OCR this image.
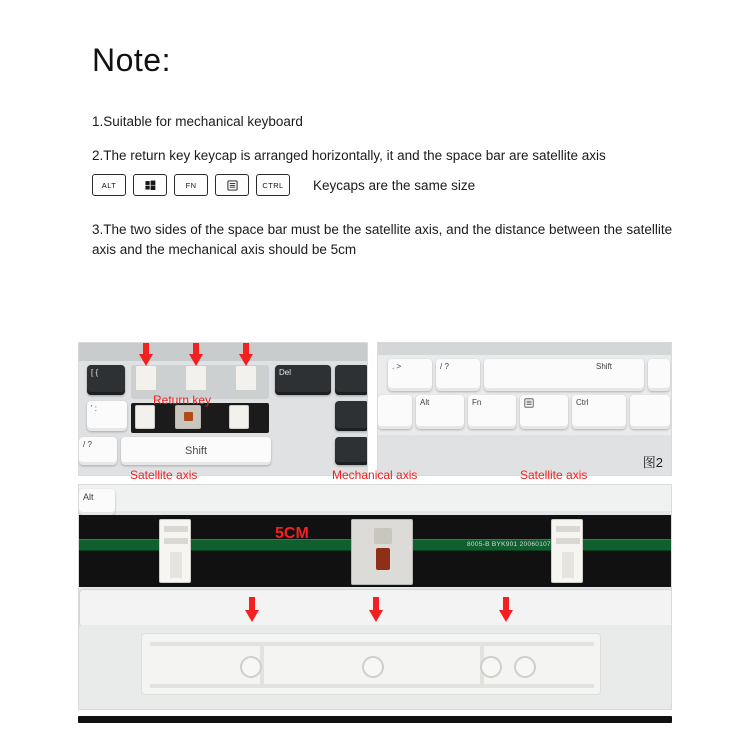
Note:
1.Suitable for mechanical keyboard
2.The return key keycap is arranged horizontally, it and the space bar are satellite axis
3.The two sides of the space bar must be the satellite axis, and the distance between the satellite axis and the mechanical axis should be 5cm
ALT	FN	CTRL Keycaps are the same size
[ {
' :
/ ?
Shift
Del
Return key
. >	/ ?	Shift
Alt	Fn	Ctrl
图2
Alt
8005-B BYK901 20060107
5CM
Satellite axis	Mechanical axis	Satellite axis
